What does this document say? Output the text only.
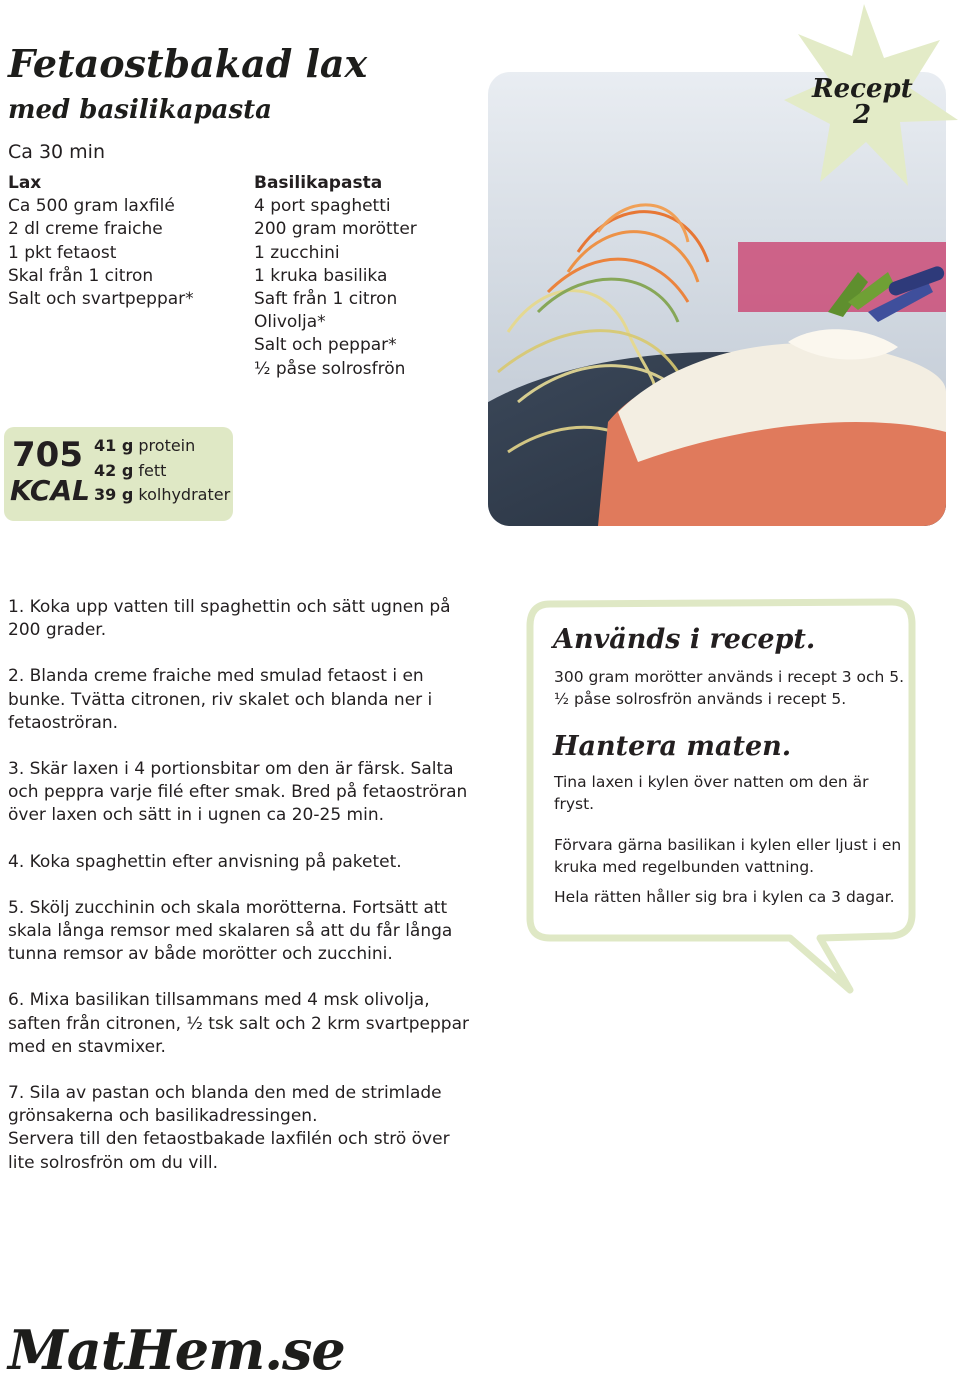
Fetaostbakad lax
med basilikapasta
Ca 30 min
Lax
Ca 500 gram laxfilé
2 dl creme fraiche
1 pkt fetaost
Skal från 1 citron
Salt och svartpeppar*
Basilikapasta
4 port spaghetti
200 gram morötter
1 zucchini
1 kruka basilika
Saft från 1 citron
Olivolja*
Salt och peppar*
½ påse solrosfrön
705
KCAL
41 g protein
42 g fett
39 g kolhydrater
Recept
2

1. Koka upp vatten till spaghettin och sätt ugnen på 200 grader.

2. Blanda creme fraiche med smulad fetaost i en bunke. Tvätta citronen, riv skalet och blanda ner i fetaoströran.

3. Skär laxen i 4 portionsbitar om den är färsk. Salta och peppra varje filé efter smak. Bred på fetaoströran över laxen och sätt in i ugnen ca 20-25 min.

4. Koka spaghettin efter anvisning på paketet.

5. Skölj zucchinin och skala morötterna. Fortsätt att skala långa remsor med skalaren så att du får långa tunna remsor av både morötter och zucchini.

6. Mixa basilikan tillsammans med 4 msk olivolja, saften från citronen, ½ tsk salt och 2 krm svartpeppar med en stavmixer.

7. Sila av pastan och blanda den med de strimlade grönsakerna och basilikadressingen.
Servera till den fetaostbakade laxfilén och strö över lite solrosfrön om du vill.

Används i recept.
300 gram morötter används i recept 3 och 5.
½ påse solrosfrön används i recept 5.
Hantera maten.
Tina laxen i kylen över natten om den är fryst.
Förvara gärna basilikan i kylen eller ljust i en kruka med regelbunden vattning.
Hela rätten håller sig bra i kylen ca 3 dagar.
MatHem.se
